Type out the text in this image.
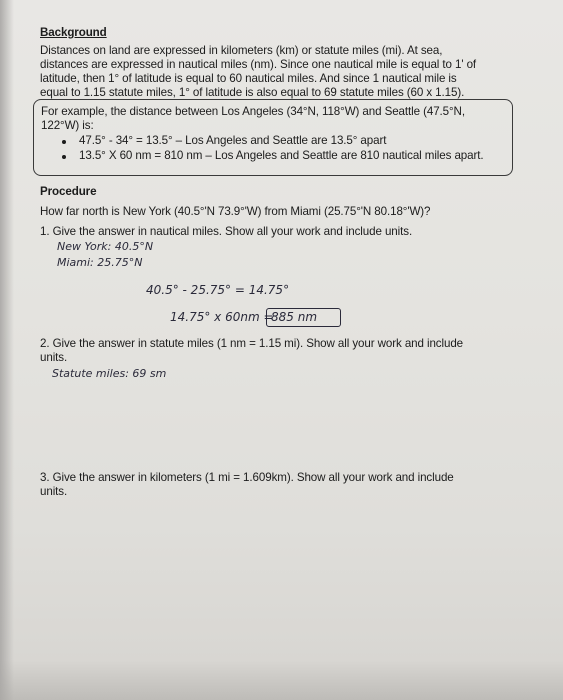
Background
Distances on land are expressed in kilometers (km) or statute miles (mi). At sea,
distances are expressed in nautical miles (nm). Since one nautical mile is equal to 1' of
latitude, then 1° of latitude is equal to 60 nautical miles. And since 1 nautical mile is
equal to 1.15 statute miles, 1° of latitude is also equal to 69 statute miles (60 x 1.15).
For example, the distance between Los Angeles (34°N, 118°W) and Seattle (47.5°N,
122°W) is:
47.5° - 34° = 13.5° – Los Angeles and Seattle are 13.5° apart
13.5° X 60 nm = 810 nm – Los Angeles and Seattle are 810 nautical miles apart.
Procedure
How far north is New York (40.5°'N 73.9°'W) from Miami (25.75°'N 80.18°'W)?
1. Give the answer in nautical miles. Show all your work and include units.
New York: 40.5°N
Miami: 25.75°N
40.5° - 25.75° = 14.75°
14.75° x 60nm =
885 nm
2. Give the answer in statute miles (1 nm = 1.15 mi). Show all your work and include
units.
Statute miles: 69 sm
3. Give the answer in kilometers (1 mi = 1.609km). Show all your work and include
units.
